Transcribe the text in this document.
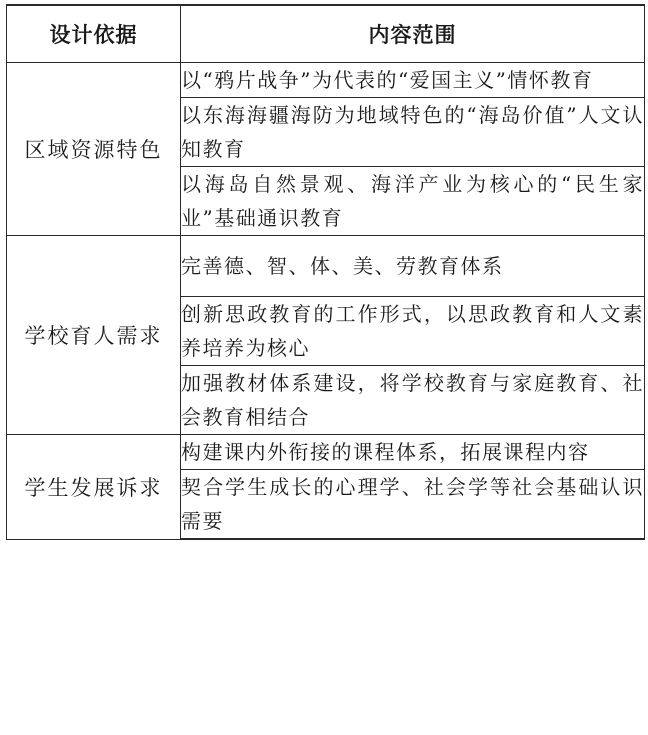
设计依据	内容范围
区域资源特色	以“鸦片战争”为代表的“爱国主义”情怀教育
	以东海海疆海防为地域特色的“海岛价值”人文认知教育
	以海岛自然景观、海洋产业为核心的“民生家业”基础通识教育
学校育人需求	完善德、智、体、美、劳教育体系
	创新思政教育的工作形式，以思政教育和人文素养培养为核心
	加强教材体系建设，将学校教育与家庭教育、社会教育相结合
学生发展诉求	构建课内外衔接的课程体系，拓展课程内容
	契合学生成长的心理学、社会学等社会基础认识需要
